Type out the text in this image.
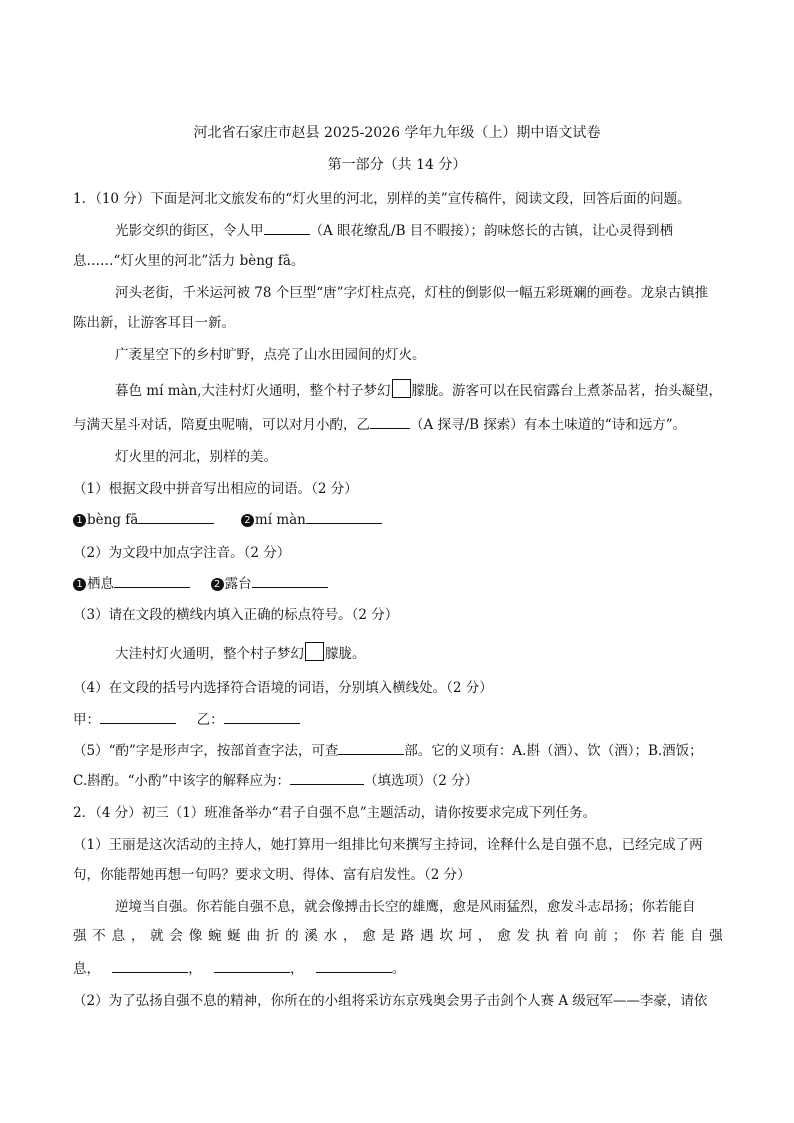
河北省石家庄市赵县 2025-2026 学年九年级（上）期中语文试卷
第一部分（共 14 分）
1．（10 分）下面是河北文旅发布的“灯火里的河北，别样的美”宣传稿件，阅读文段，回答后面的问题。
光影交织的街区，令人甲	（A 眼花缭乱/B 目不暇接）；韵味悠长的古镇，让心灵得到栖
息……“灯火里的河北”活力 bèng fā。
河头老街，千米运河被 78 个巨型“唐”字灯柱点亮，灯柱的倒影似一幅五彩斑斓的画卷。龙泉古镇推
陈出新，让游客耳目一新。
广袤星空下的乡村旷野，点亮了山水田园间的灯火。
暮色 mí màn,大洼村灯火通明，整个村子梦幻 朦胧。游客可以在民宿露台上煮茶品茗，抬头凝望，
与满天星斗对话，陪夏虫呢喃，可以对月小酌，乙	（A 探寻/B 探索）有本土味道的“诗和远方”。
灯火里的河北，别样的美。
（1）根据文段中拼音写出相应的词语。（2 分）
1 bèng fā	2 mí màn
（2）为文段中加点字注音。（2 分）
1 栖息	2 露台
（3）请在文段的横线内填入正确的标点符号。（2 分）
大洼村灯火通明，整个村子梦幻 朦胧。
（4）在文段的括号内选择符合语境的词语，分别填入横线处。（2 分）
甲：	乙：
（5）“酌”字是形声字，按部首查字法，可查	部。它的义项有：A.斟（酒）、饮（酒）；B.酒饭；
C.斟酌。“小酌”中该字的解释应为：	（填选项）（2 分）
2．（4 分）初三（1）班准备举办“君子自强不息”主题活动，请你按要求完成下列任务。
（1）王丽是这次活动的主持人，她打算用一组排比句来撰写主持词，诠释什么是自强不息，已经完成了两
句，你能帮她再想一句吗？要求文明、得体、富有启发性。（2 分）
逆境当自强。你若能自强不息，就会像搏击长空的雄鹰，愈是风雨猛烈，愈发斗志昂扬；你若能自
强 不 息 ， 就 会 像 蜿 蜒 曲 折 的 溪 水 ， 愈 是 路 遇 坎 坷 ， 愈 发 执 着 向 前 ； 你 若 能 自 强
息，	，	，	。
（2）为了弘扬自强不息的精神，你所在的小组将采访东京残奥会男子击剑个人赛 A 级冠军——李豪，请依
